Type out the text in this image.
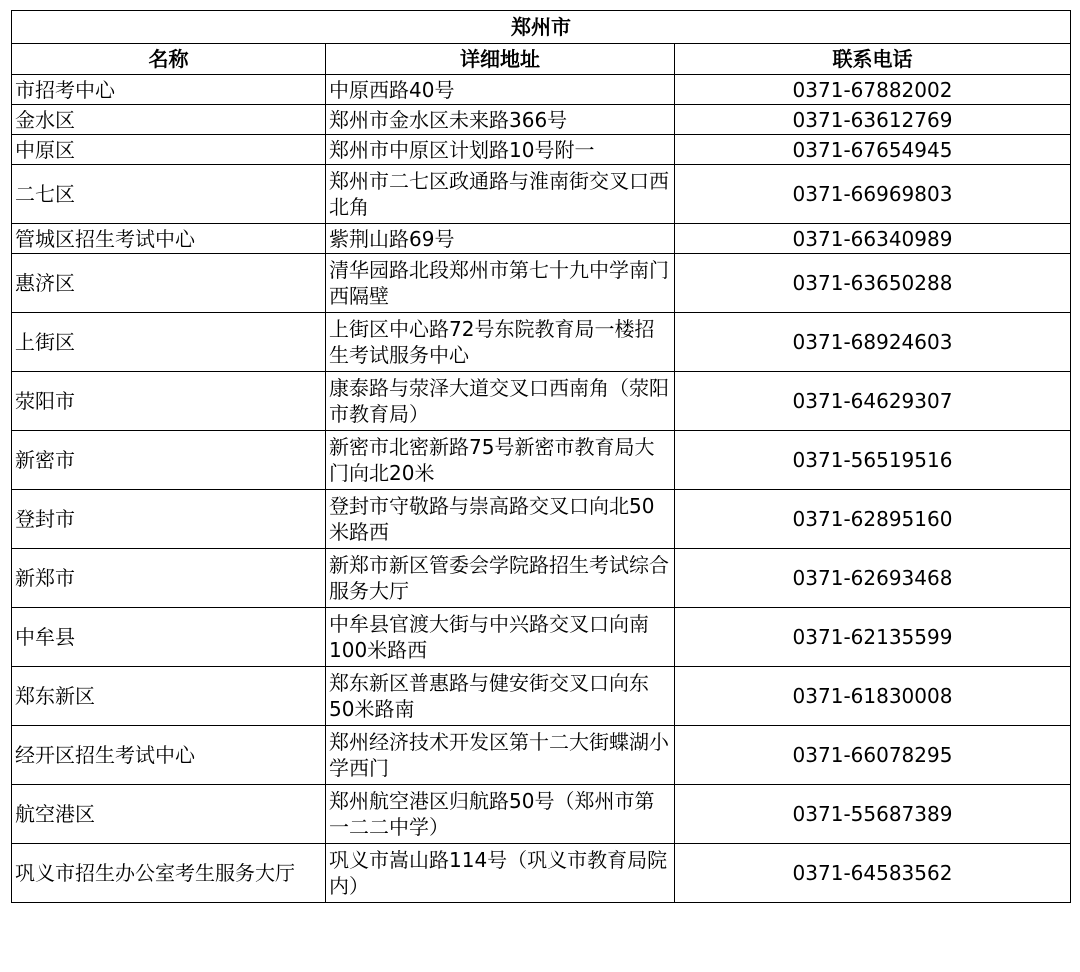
郑州市		
名称	详细地址	联系电话
市招考中心	中原西路40号	0371-67882002
金水区	郑州市金水区未来路366号	0371-63612769
中原区	郑州市中原区计划路10号附一	0371-67654945
二七区	郑州市二七区政通路与淮南街交叉口西北角	0371-66969803
管城区招生考试中心	紫荆山路69号	0371-66340989
惠济区	清华园路北段郑州市第七十九中学南门西隔壁	0371-63650288
上街区	上街区中心路72号东院教育局一楼招生考试服务中心	0371-68924603
荥阳市	康泰路与荥泽大道交叉口西南角（荥阳市教育局）	0371-64629307
新密市	新密市北密新路75号新密市教育局大门向北20米	0371-56519516
登封市	登封市守敬路与崇高路交叉口向北50米路西	0371-62895160
新郑市	新郑市新区管委会学院路招生考试综合服务大厅	0371-62693468
中牟县	中牟县官渡大街与中兴路交叉口向南100米路西	0371-62135599
郑东新区	郑东新区普惠路与健安街交叉口向东50米路南	0371-61830008
经开区招生考试中心	郑州经济技术开发区第十二大街蝶湖小学西门	0371-66078295
航空港区	郑州航空港区归航路50号（郑州市第一二二中学）	0371-55687389
巩义市招生办公室考生服务大厅	巩义市嵩山路114号（巩义市教育局院内）	0371-64583562
